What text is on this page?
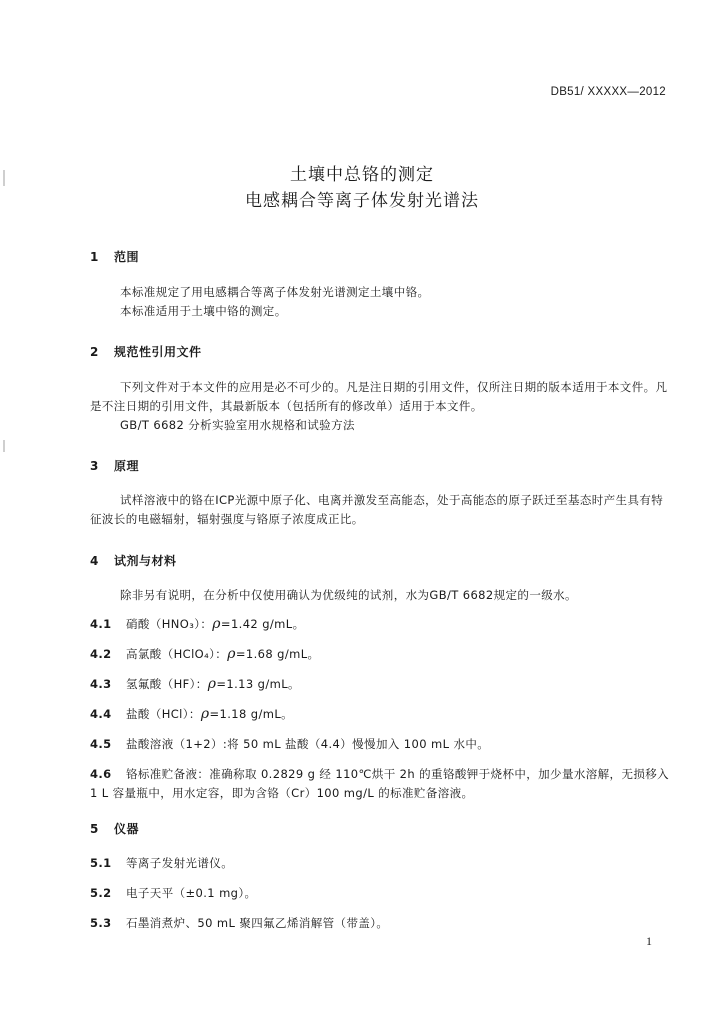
DB51/ XXXXX—2012
土壤中总铬的测定
电感耦合等离子体发射光谱法
1 范围
本标准规定了用电感耦合等离子体发射光谱测定土壤中铬。
本标准适用于土壤中铬的测定。
2 规范性引用文件
下列文件对于本文件的应用是必不可少的。凡是注日期的引用文件，仅所注日期的版本适用于本文件。凡是不注日期的引用文件，其最新版本（包括所有的修改单）适用于本文件。
GB/T 6682 分析实验室用水规格和试验方法
3 原理
试样溶液中的铬在ICP光源中原子化、电离并激发至高能态，处于高能态的原子跃迁至基态时产生具有特征波长的电磁辐射，辐射强度与铬原子浓度成正比。
4 试剂与材料
除非另有说明，在分析中仅使用确认为优级纯的试剂，水为GB/T 6682规定的一级水。
4.1 硝酸（HNO₃）：ρ=1.42 g/mL。
4.2 高氯酸（HClO₄）：ρ=1.68 g/mL。
4.3 氢氟酸（HF）：ρ=1.13 g/mL。
4.4 盐酸（HCl）：ρ=1.18 g/mL。
4.5 盐酸溶液（1+2）:将 50 mL 盐酸（4.4）慢慢加入 100 mL 水中。
4.6 铬标准贮备液：准确称取 0.2829 g 经 110℃烘干 2h 的重铬酸钾于烧杯中，加少量水溶解，无损移入 1 L 容量瓶中，用水定容，即为含铬（Cr）100 mg/L 的标准贮备溶液。
5 仪器
5.1 等离子发射光谱仪。
5.2 电子天平（±0.1 mg）。
5.3 石墨消煮炉、50 mL 聚四氟乙烯消解管（带盖）。
1
